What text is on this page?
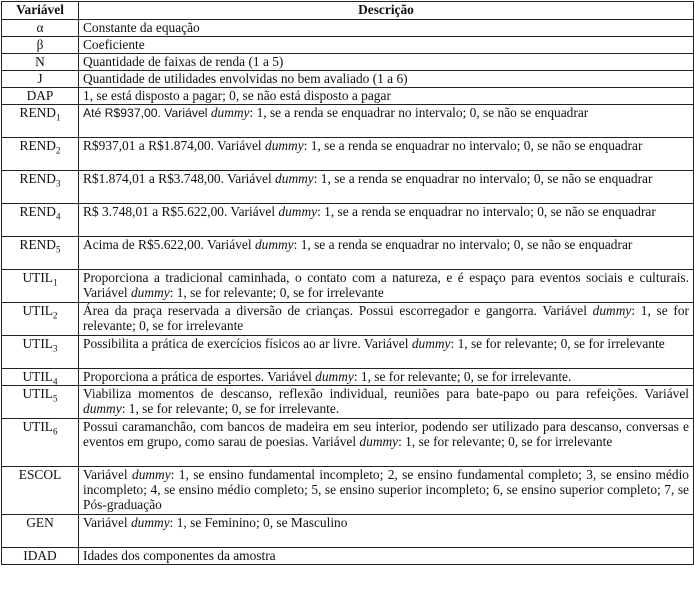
Variável	Descrição
α	Constante da equação
β	Coeficiente
N	Quantidade de faixas de renda (1 a 5)
J	Quantidade de utilidades envolvidas no bem avaliado (1 a 6)
DAP	1, se está disposto a pagar; 0, se não está disposto a pagar
$REND_1$	Até R$937,00. Variável dummy: 1, se a renda se enquadrar no intervalo; 0, se não se enquadrar
$REND_2$	R$937,01 a R$1.874,00. Variável dummy: 1, se a renda se enquadrar no intervalo; 0, se não se enquadrar
$REND_3$	R$1.874,01 a R$3.748,00. Variável dummy: 1, se a renda se enquadrar no intervalo; 0, se não se enquadrar
$REND_4$	R$ 3.748,01 a R$5.622,00. Variável dummy: 1, se a renda se enquadrar no intervalo; 0, se não se enquadrar
$REND_5$	Acima de R$5.622,00. Variável dummy: 1, se a renda se enquadrar no intervalo; 0, se não se enquadrar
$UTIL_1$	Proporciona a tradicional caminhada, o contato com a natureza, e é espaço para eventos sociais e culturais. Variável dummy: 1, se for relevante; 0, se for irrelevante
$UTIL_2$	Área da praça reservada a diversão de crianças. Possui escorregador e gangorra. Variável dummy: 1, se for relevante; 0, se for irrelevante
$UTIL_3$	Possibilita a prática de exercícios físicos ao ar livre. Variável dummy: 1, se for relevante; 0, se for irrelevante
$UTIL_4$	Proporciona a prática de esportes. Variável dummy: 1, se for relevante; 0, se for irrelevante.
$UTIL_5$	Viabiliza momentos de descanso, reflexão individual, reuniões para bate-papo ou para refeições. Variável dummy: 1, se for relevante; 0, se for irrelevante.
$UTIL_6$	Possui caramanchão, com bancos de madeira em seu interior, podendo ser utilizado para descanso, conversas e eventos em grupo, como sarau de poesias. Variável dummy: 1, se for relevante; 0, se for irrelevante
ESCOL	Variável dummy: 1, se ensino fundamental incompleto; 2, se ensino fundamental completo; 3, se ensino médio incompleto; 4, se ensino médio completo; 5, se ensino superior incompleto; 6, se ensino superior completo; 7, se Pós-graduação
GEN	Variável dummy: 1, se Feminino; 0, se Masculino
IDAD	Idades dos componentes da amostra
